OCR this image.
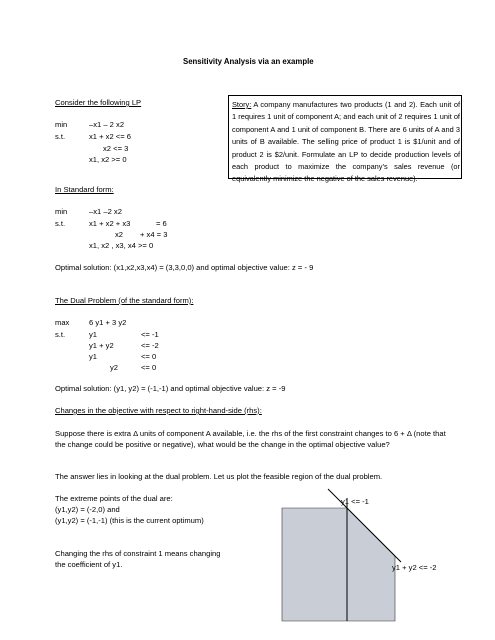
Sensitivity Analysis via an example
Consider the following LP
min	–x1 – 2 x2
s.t.	x1 + x2 <= 6
x2 <= 3
x1, x2 >= 0
Story: A company manufactures two products (1 and 2). Each unit of 1 requires 1 unit of component A; and each unit of 2 requires 1 unit of component A and 1 unit of component B. There are 6 units of A and 3 units of B available. The selling price of product 1 is $1/unit and of product 2 is $2/unit. Formulate an LP to decide production levels of each product to maximize the company’s sales revenue (or equivalently minimize the negative of the sales revenue).
In Standard form:
min	–x1 –2 x2
s.t.	x1 + x2 + x3	= 6
x2 + x4 = 3
x1, x2 , x3, x4 >= 0
Optimal solution: (x1,x2,x3,x4) = (3,3,0,0) and optimal objective value: z = - 9
The Dual Problem (of the standard form):
max	6 y1 + 3 y2
s.t.	y1	<= -1
y1 + y2	<= -2
y1	<= 0
y2	<= 0
Optimal solution: (y1, y2) = (-1,-1) and optimal objective value: z = -9
Changes in the objective with respect to right-hand-side (rhs):
Suppose there is extra Δ units of component A available, i.e. the rhs of the first constraint changes to 6 + Δ (note that the change could be positive or negative), what would be the change in the optimal objective value?
The answer lies in looking at the dual problem. Let us plot the feasible region of the dual problem.
The extreme points of the dual are:
(y1,y2) = (-2,0) and
(y1,y2) = (-1,-1) (this is the current optimum)
Changing the rhs of constraint 1 means changing
the coefficient of y1.
y1 <= -1
y1 + y2 <= -2
